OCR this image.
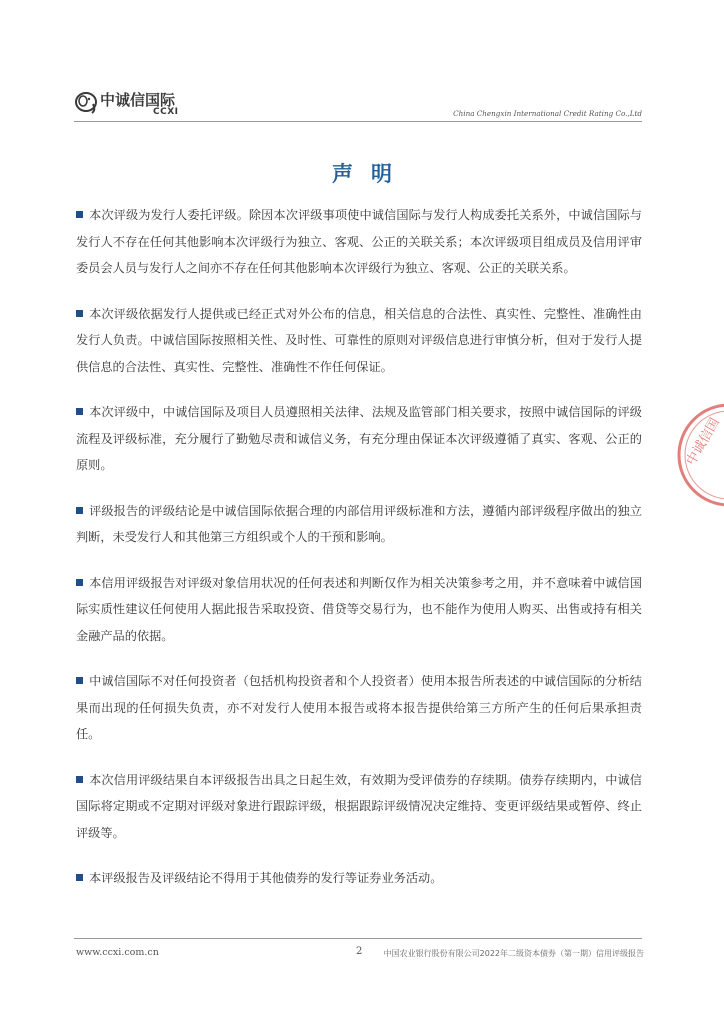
中诚信国际
CCXI	China Chengxin International Credit Rating Co.,Ltd
声明

本次评级为发行人委托评级。除因本次评级事项使中诚信国际与发行人构成委托关系外，中诚信国际与发行人不存在任何其他影响本次评级行为独立、客观、公正的关联关系；本次评级项目组成员及信用评审委员会人员与发行人之间亦不存在任何其他影响本次评级行为独立、客观、公正的关联关系。

本次评级依据发行人提供或已经正式对外公布的信息，相关信息的合法性、真实性、完整性、准确性由发行人负责。中诚信国际按照相关性、及时性、可靠性的原则对评级信息进行审慎分析，但对于发行人提供信息的合法性、真实性、完整性、准确性不作任何保证。

本次评级中，中诚信国际及项目人员遵照相关法律、法规及监管部门相关要求，按照中诚信国际的评级流程及评级标准，充分履行了勤勉尽责和诚信义务，有充分理由保证本次评级遵循了真实、客观、公正的原则。

评级报告的评级结论是中诚信国际依据合理的内部信用评级标准和方法，遵循内部评级程序做出的独立判断，未受发行人和其他第三方组织或个人的干预和影响。

本信用评级报告对评级对象信用状况的任何表述和判断仅作为相关决策参考之用，并不意味着中诚信国际实质性建议任何使用人据此报告采取投资、借贷等交易行为，也不能作为使用人购买、出售或持有相关金融产品的依据。

中诚信国际不对任何投资者（包括机构投资者和个人投资者）使用本报告所表述的中诚信国际的分析结果而出现的任何损失负责，亦不对发行人使用本报告或将本报告提供给第三方所产生的任何后果承担责任。

本次信用评级结果自本评级报告出具之日起生效，有效期为受评债券的存续期。债券存续期内，中诚信国际将定期或不定期对评级对象进行跟踪评级，根据跟踪评级情况决定维持、变更评级结果或暂停、终止评级等。

本评级报告及评级结论不得用于其他债券的发行等证券业务活动。

中诚信国
www.ccxi.com.cn	2	中国农业银行股份有限公司2022年二级资本债券（第一期）信用评级报告
